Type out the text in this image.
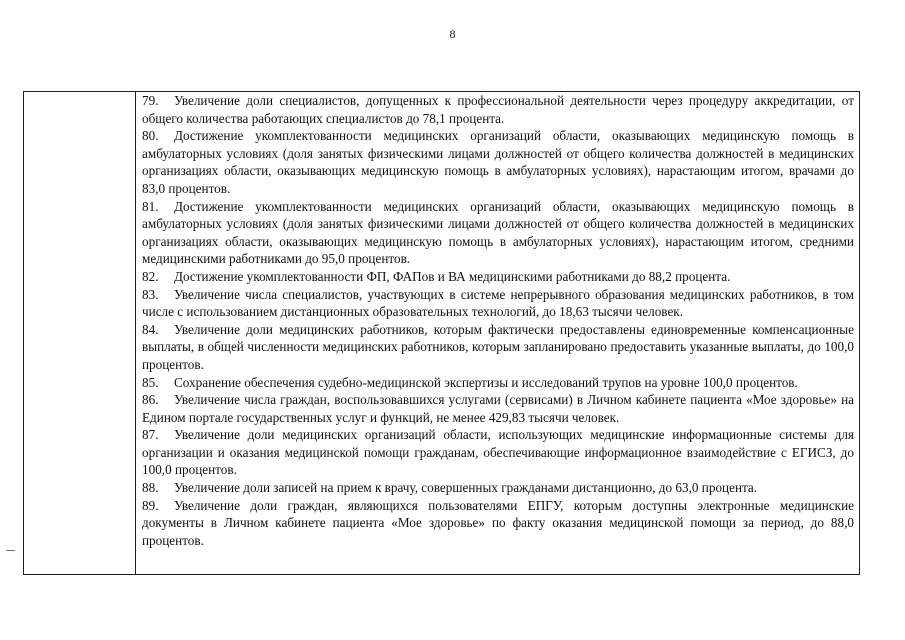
8

79. Увеличение доли специалистов, допущенных к профессиональной деятельности через процедуру аккредитации, от общего количества работающих специалистов до 78,1 процента.

80. Достижение укомплектованности медицинских организаций области, оказывающих медицинскую помощь в амбулаторных условиях (доля занятых физическими лицами должностей от общего количества должностей в медицинских организациях области, оказывающих медицинскую помощь в амбулаторных условиях), нарастающим итогом, врачами до 83,0 процентов.

81. Достижение укомплектованности медицинских организаций области, оказывающих медицинскую помощь в амбулаторных условиях (доля занятых физическими лицами должностей от общего количества должностей в медицинских организациях области, оказывающих медицинскую помощь в амбулаторных условиях), нарастающим итогом, средними медицинскими работниками до 95,0 процентов.

82. Достижение укомплектованности ФП, ФАПов и ВА медицинскими работниками до 88,2 процента.

83. Увеличение числа специалистов, участвующих в системе непрерывного образования медицинских работников, в том числе с использованием дистанционных образовательных технологий, до 18,63 тысячи человек.

84. Увеличение доли медицинских работников, которым фактически предоставлены единовременные компенсационные выплаты, в общей численности медицинских работников, которым запланировано предоставить указанные выплаты, до 100,0 процентов.

85. Сохранение обеспечения судебно-медицинской экспертизы и исследований трупов на уровне 100,0 процентов.

86. Увеличение числа граждан, воспользовавшихся услугами (сервисами) в Личном кабинете пациента «Мое здоровье» на Едином портале государственных услуг и функций, не менее 429,83 тысячи человек.

87. Увеличение доли медицинских организаций области, использующих медицинские информационные системы для организации и оказания медицинской помощи гражданам, обеспечивающие информационное взаимодействие с ЕГИСЗ, до 100,0 процентов.

88. Увеличение доли записей на прием к врачу, совершенных гражданами дистанционно, до 63,0 процента.

89. Увеличение доли граждан, являющихся пользователями ЕПГУ, которым доступны электронные медицинские документы в Личном кабинете пациента «Мое здоровье» по факту оказания медицинской помощи за период, до 88,0 процентов.
